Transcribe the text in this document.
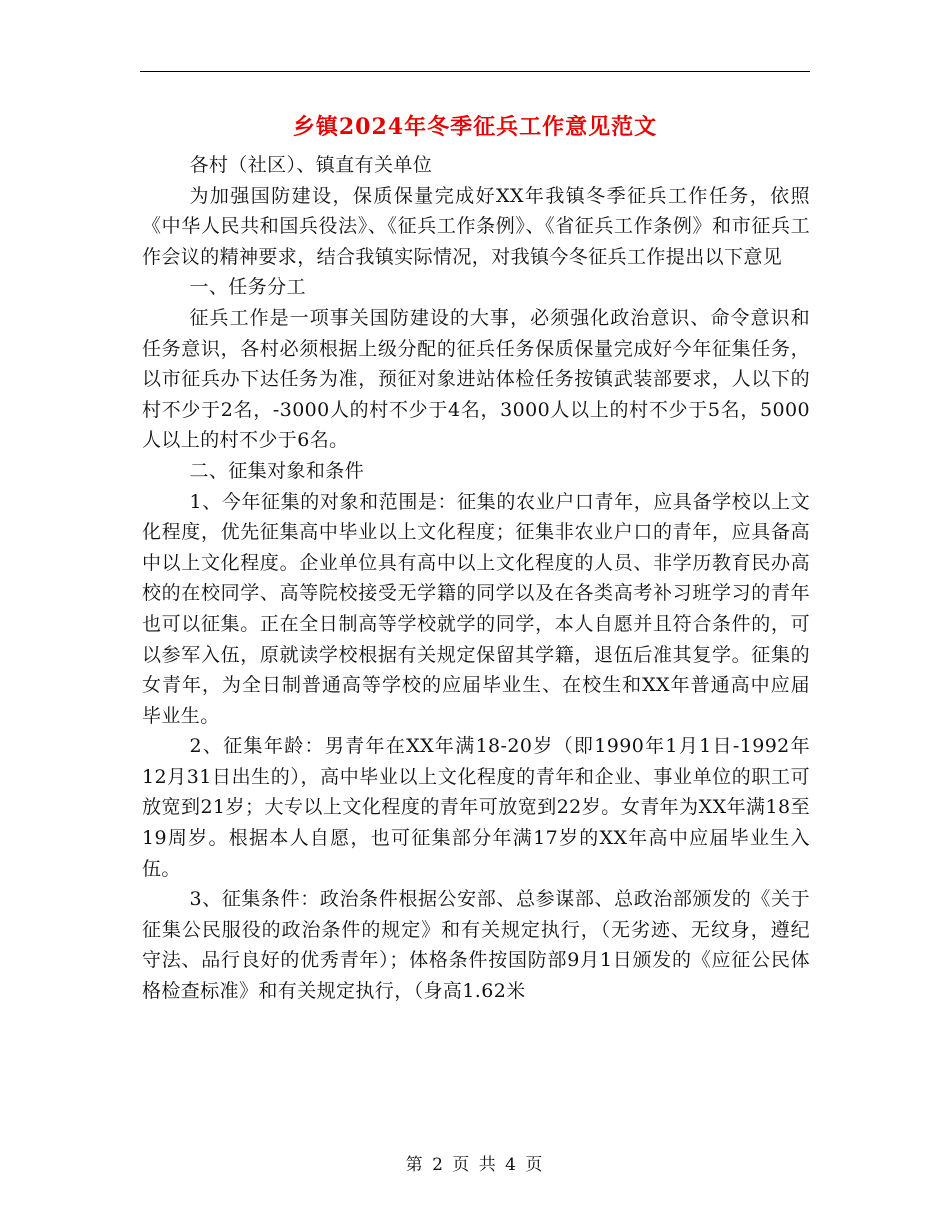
乡镇2024年冬季征兵工作意见范文

各村（社区）、镇直有关单位

为加强国防建设，保质保量完成好XX年我镇冬季征兵工作任务，依照《中华人民共和国兵役法》、《征兵工作条例》、《省征兵工作条例》和市征兵工作会议的精神要求，结合我镇实际情况，对我镇今冬征兵工作提出以下意见

一、任务分工

征兵工作是一项事关国防建设的大事，必须强化政治意识、命令意识和任务意识，各村必须根据上级分配的征兵任务保质保量完成好今年征集任务，以市征兵办下达任务为准，预征对象进站体检任务按镇武装部要求，人以下的村不少于2名，-3000人的村不少于4名，3000人以上的村不少于5名，5000人以上的村不少于6名。

二、征集对象和条件

1、今年征集的对象和范围是：征集的农业户口青年，应具备学校以上文化程度，优先征集高中毕业以上文化程度；征集非农业户口的青年，应具备高中以上文化程度。企业单位具有高中以上文化程度的人员、非学历教育民办高校的在校同学、高等院校接受无学籍的同学以及在各类高考补习班学习的青年也可以征集。正在全日制高等学校就学的同学，本人自愿并且符合条件的，可以参军入伍，原就读学校根据有关规定保留其学籍，退伍后准其复学。征集的女青年，为全日制普通高等学校的应届毕业生、在校生和XX年普通高中应届毕业生。

2、征集年龄：男青年在XX年满18-20岁（即1990年1月1日-1992年12月31日出生的），高中毕业以上文化程度的青年和企业、事业单位的职工可放宽到21岁；大专以上文化程度的青年可放宽到22岁。女青年为XX年满18至19周岁。根据本人自愿，也可征集部分年满17岁的XX年高中应届毕业生入伍。

3、征集条件：政治条件根据公安部、总参谋部、总政治部颁发的《关于征集公民服役的政治条件的规定》和有关规定执行，（无劣迹、无纹身，遵纪守法、品行良好的优秀青年）；体格条件按国防部9月1日颁发的《应征公民体格检查标准》和有关规定执行，（身高1.62米

第 2 页 共 4 页
